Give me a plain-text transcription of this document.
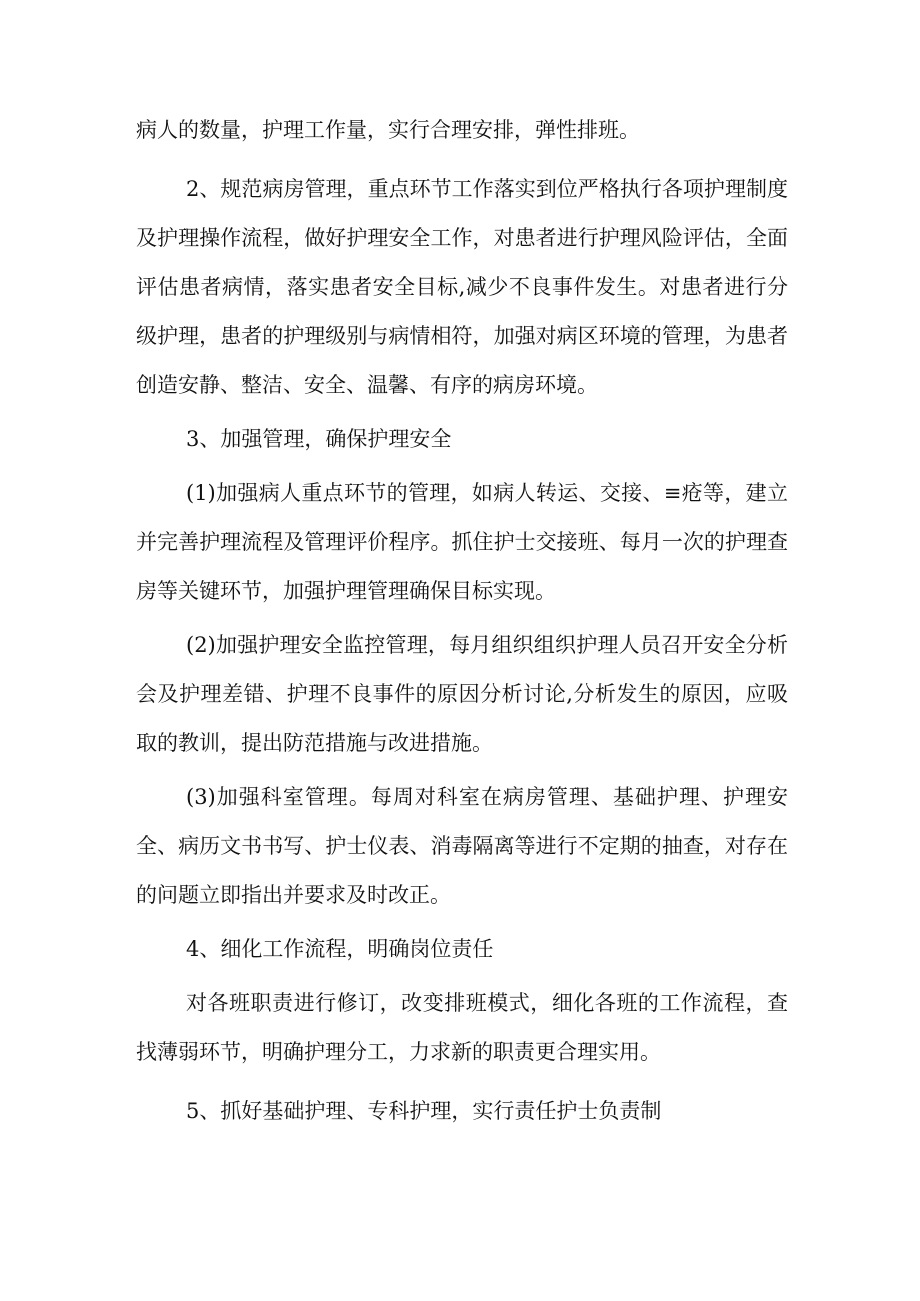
病人的数量，护理工作量，实行合理安排，弹性排班。

2、规范病房管理，重点环节工作落实到位严格执行各项护理制度及护理操作流程，做好护理安全工作，对患者进行护理风险评估，全面评估患者病情，落实患者安全目标,减少不良事件发生。对患者进行分级护理，患者的护理级别与病情相符，加强对病区环境的管理，为患者创造安静、整洁、安全、温馨、有序的病房环境。

3、加强管理，确保护理安全

(1)加强病人重点环节的管理，如病人转运、交接、≡疮等，建立并完善护理流程及管理评价程序。抓住护士交接班、每月一次的护理查房等关键环节，加强护理管理确保目标实现。

(2)加强护理安全监控管理，每月组织组织护理人员召开安全分析会及护理差错、护理不良事件的原因分析讨论,分析发生的原因，应吸取的教训，提出防范措施与改进措施。

(3)加强科室管理。每周对科室在病房管理、基础护理、护理安全、病历文书书写、护士仪表、消毒隔离等进行不定期的抽查，对存在的问题立即指出并要求及时改正。

4、细化工作流程，明确岗位责任

对各班职责进行修订，改变排班模式，细化各班的工作流程，查找薄弱环节，明确护理分工，力求新的职责更合理实用。

5、抓好基础护理、专科护理，实行责任护士负责制
